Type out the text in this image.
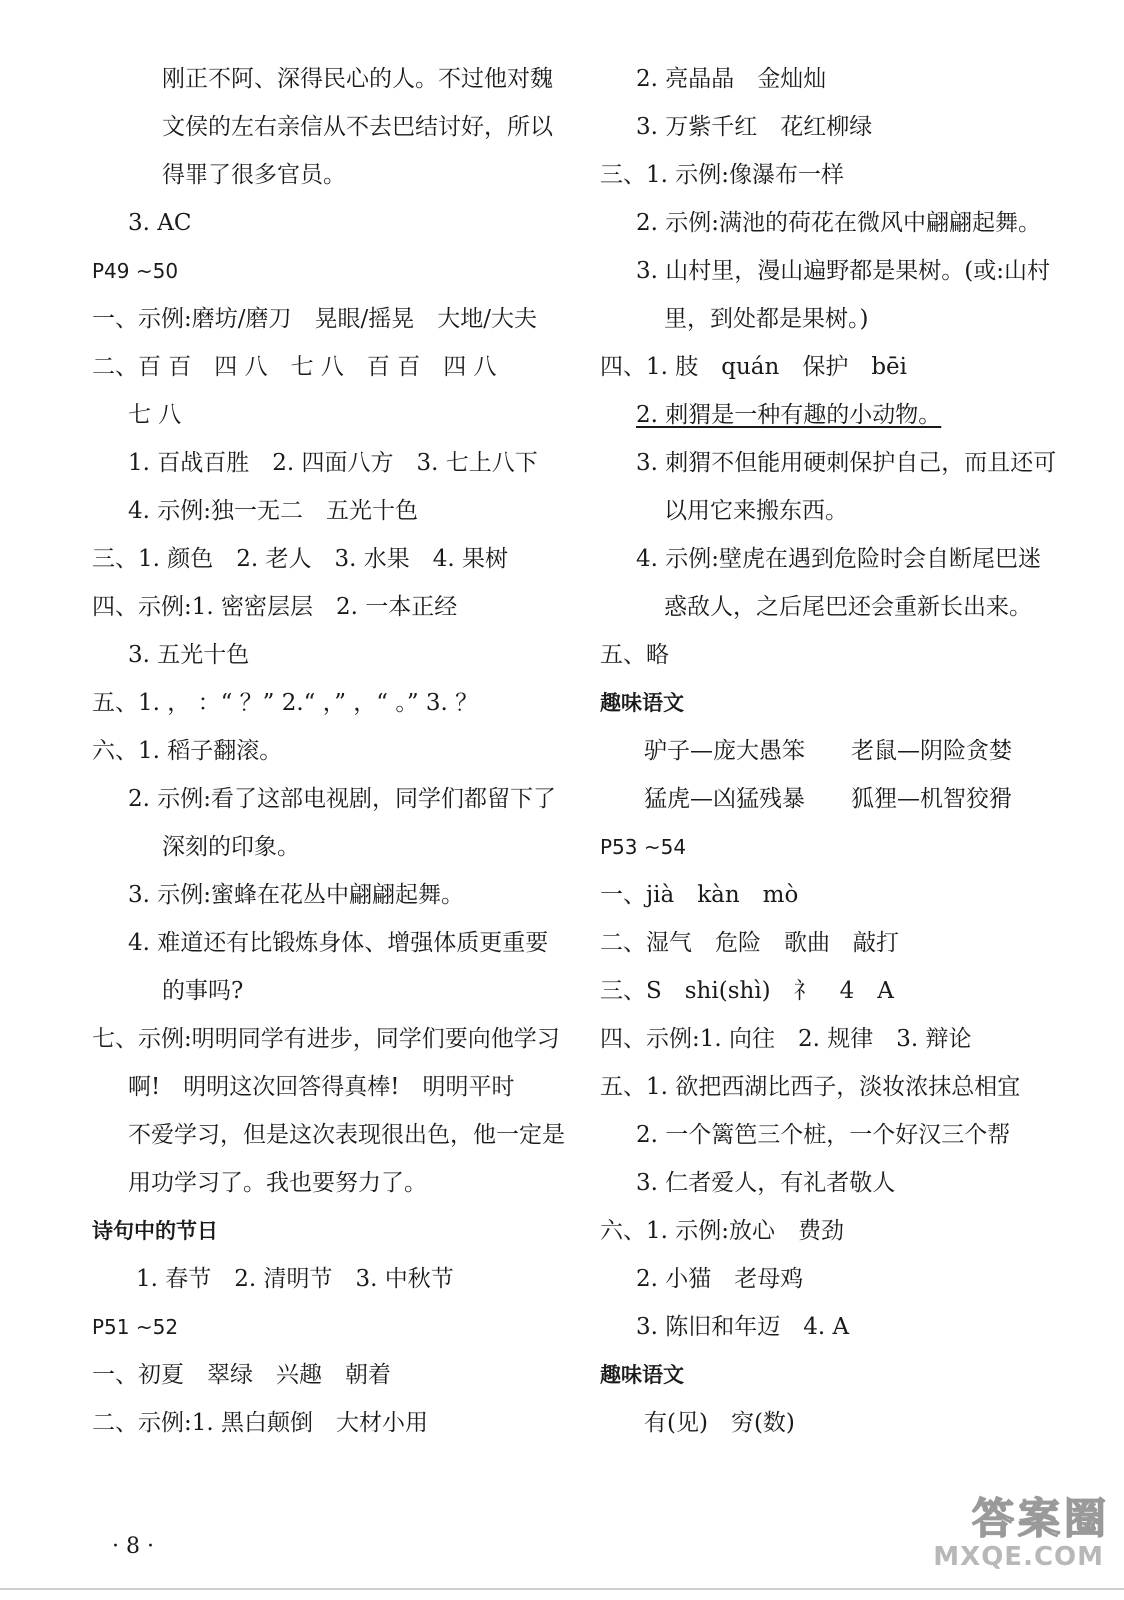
刚正不阿、深得民心的人。不过他对魏
文侯的左右亲信从不去巴结讨好，所以
得罪了很多官员。
3. AC
P49 ~50
一、示例:磨坊/磨刀　晃眼/摇晃　大地/大夫
二、百 百　四 八　七 八　百 百　四 八
七 八
1. 百战百胜　2. 四面八方　3. 七上八下
4. 示例:独一无二　五光十色
三、1. 颜色　2. 老人　3. 水果　4. 果树
四、示例:1. 密密层层　2. 一本正经
3. 五光十色
五、1. ， ：“ ？” 2.“ ，” ，“ 。” 3. ？
六、1. 稻子翻滚。
2. 示例:看了这部电视剧，同学们都留下了
深刻的印象。
3. 示例:蜜蜂在花丛中翩翩起舞。
4. 难道还有比锻炼身体、增强体质更重要
的事吗?
七、示例:明明同学有进步，同学们要向他学习
啊!　明明这次回答得真棒!　明明平时
不爱学习，但是这次表现很出色，他一定是
用功学习了。我也要努力了。
诗句中的节日
1. 春节　2. 清明节　3. 中秋节
P51 ~52
一、初夏　翠绿　兴趣　朝着
二、示例:1. 黑白颠倒　大材小用
2. 亮晶晶　金灿灿
3. 万紫千红　花红柳绿
三、1. 示例:像瀑布一样
2. 示例:满池的荷花在微风中翩翩起舞。
3. 山村里，漫山遍野都是果树。(或:山村
里，到处都是果树。)
四、1. 肢　quán　保护　bēi
2. 刺猬是一种有趣的小动物。
3. 刺猬不但能用硬刺保护自己，而且还可
以用它来搬东西。
4. 示例:壁虎在遇到危险时会自断尾巴迷
惑敌人，之后尾巴还会重新长出来。
五、略
趣味语文
驴子—庞大愚笨　　老鼠—阴险贪婪
猛虎—凶猛残暴　　狐狸—机智狡猾
P53 ~54
一、jià　kàn　mò
二、湿气　危险　歌曲　敲打
三、S　shi(shì)　礻　4　A
四、示例:1. 向往　2. 规律　3. 辩论
五、1. 欲把西湖比西子，淡妆浓抹总相宜
2. 一个篱笆三个桩，一个好汉三个帮
3. 仁者爱人，有礼者敬人
六、1. 示例:放心　费劲
2. 小猫　老母鸡
3. 陈旧和年迈　4. A
趣味语文
有(见)　穷(数)
· 8 ·
答案圈
MXQE.COM
